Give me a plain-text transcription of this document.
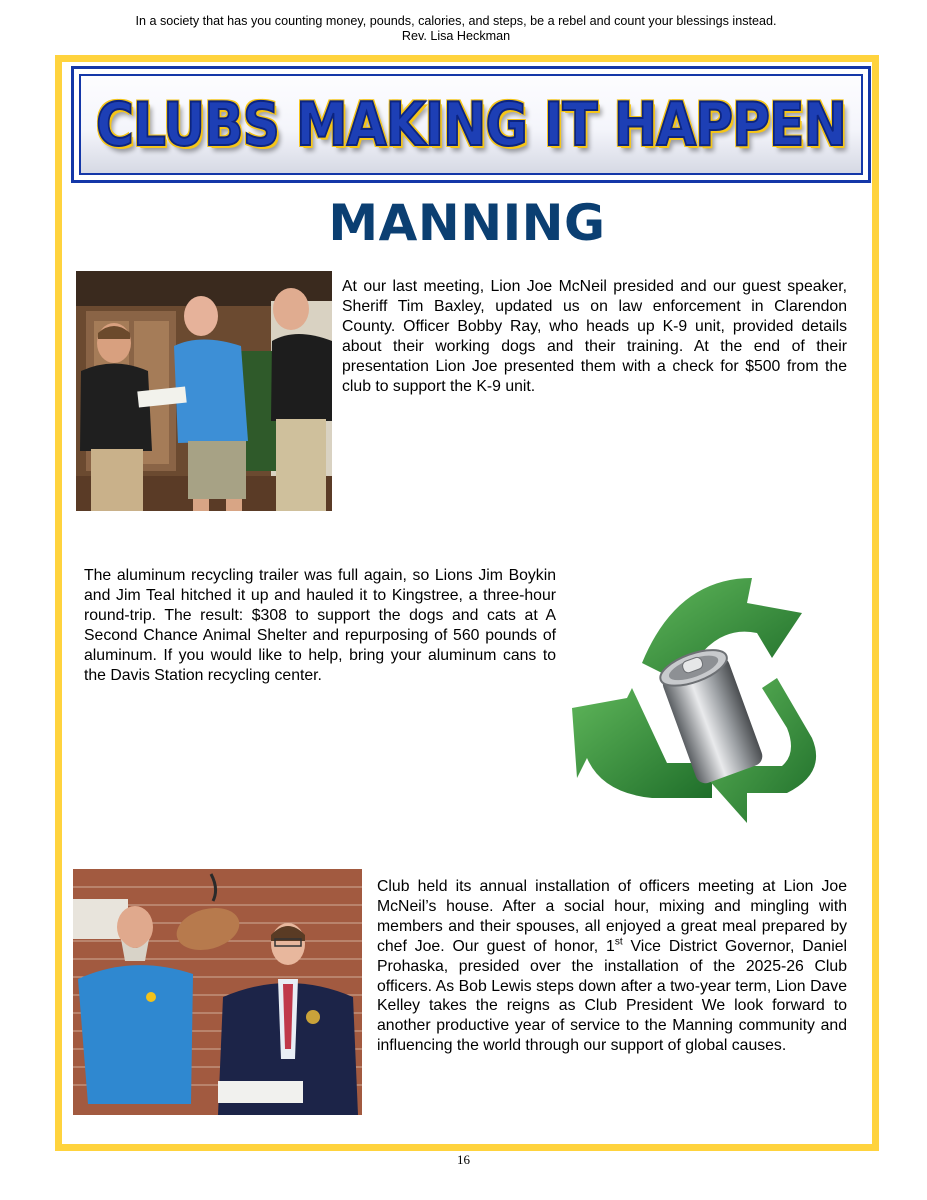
In a society that has you counting money, pounds, calories, and steps, be a rebel and count your blessings instead.
Rev. Lisa Heckman
CLUBS MAKING IT HAPPEN
MANNING

At our last meeting, Lion Joe McNeil presided and our guest speaker, Sheriff Tim Baxley, updated us on law enforcement in Clarendon County. Officer Bobby Ray, who heads up K-9 unit, provided details about their working dogs and their training. At the end of their presentation Lion Joe presented them with a check for $500 from the club to support the K-9 unit.

The aluminum recycling trailer was full again, so Lions Jim Boykin and Jim Teal hitched it up and hauled it to Kingstree, a three-hour round-trip. The result: $308 to support the dogs and cats at A Second Chance Animal Shelter and repurposing of 560 pounds of aluminum. If you would like to help, bring your aluminum cans to the Davis Station recycling center.

Club held its annual installation of officers meeting at Lion Joe McNeil’s house. After a social hour, mixing and mingling with members and their spouses, all enjoyed a great meal prepared by chef Joe. Our guest of honor, 1st Vice District Governor, Daniel Prohaska, presided over the installation of the 2025-26 Club officers. As Bob Lewis steps down after a two-year term, Lion Dave Kelley takes the reigns as Club President We look forward to another productive year of service to the Manning community and influencing the world through our support of global causes.

16
